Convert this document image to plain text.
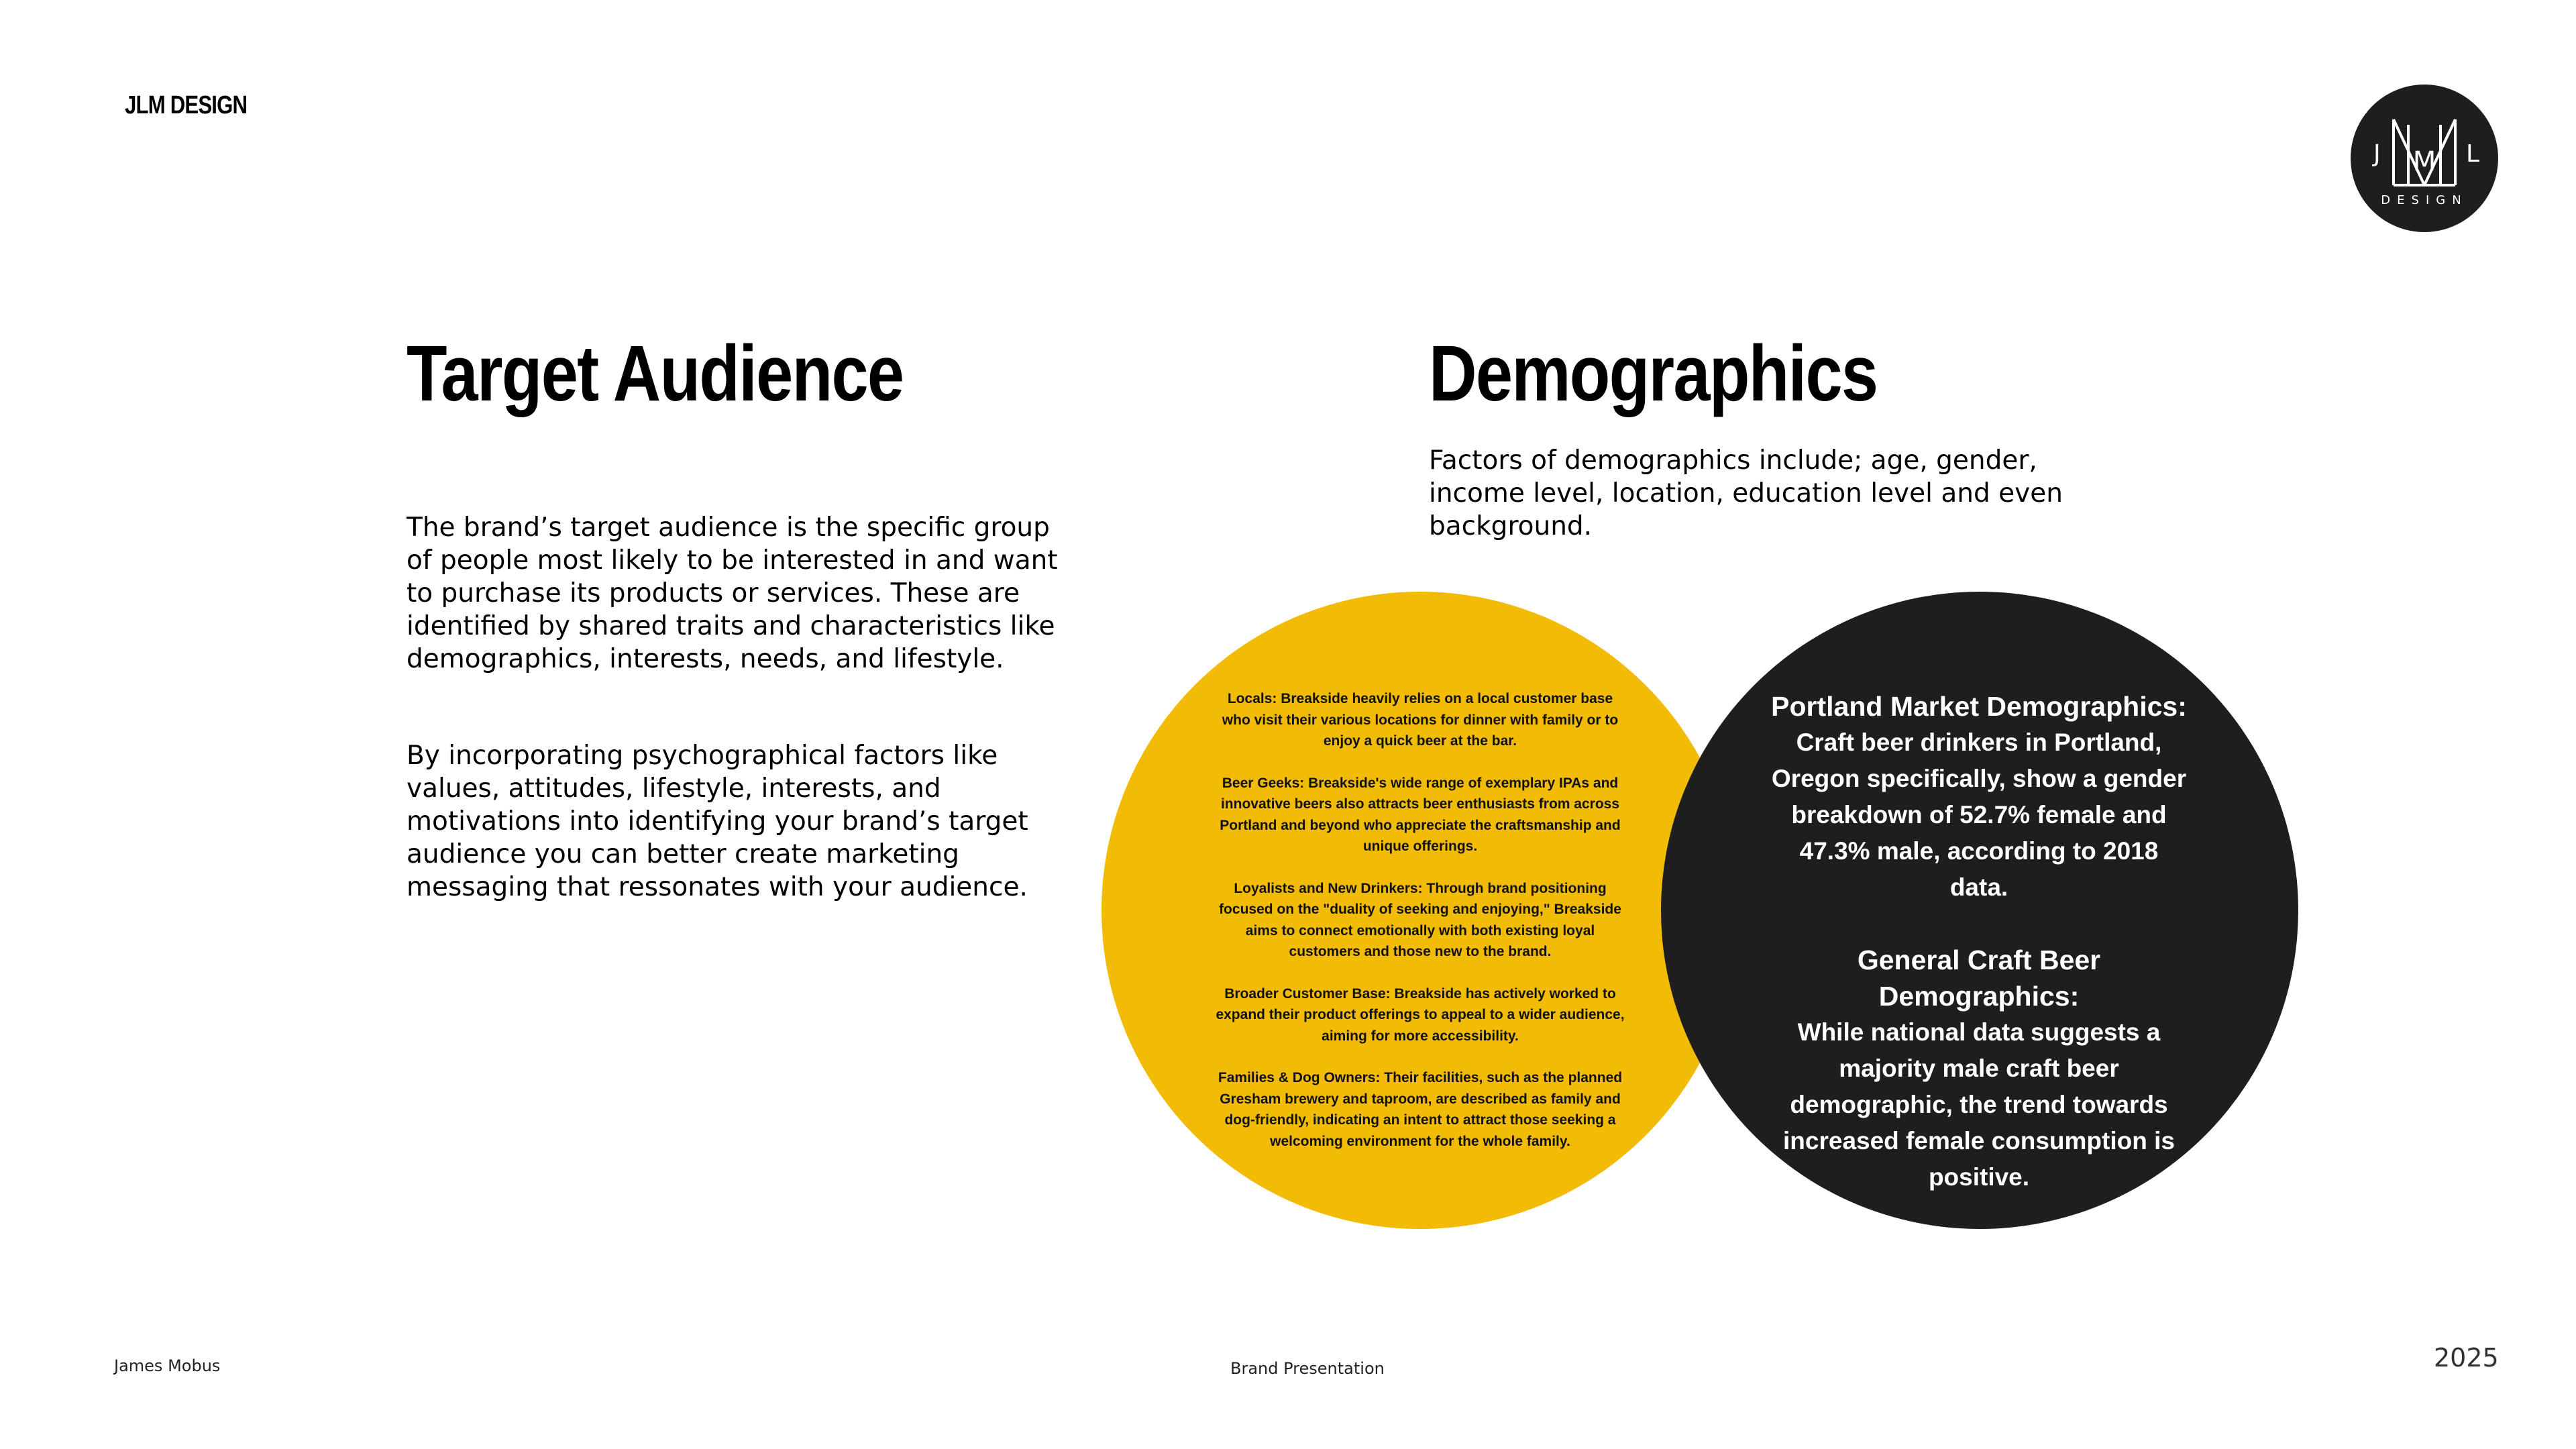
JLM DESIGN
J	L
M
DESIGN
Target Audience	Demographics
The brand’s target audience is the specific group of people most likely to be interested in and want to purchase its products or services. These are identified by shared traits and characteristics like demographics, interests, needs, and lifestyle.
By incorporating psychographical factors like values, attitudes, lifestyle, interests, and motivations into identifying your brand’s target audience you can better create marketing messaging that ressonates with your audience.
Factors of demographics include; age, gender, income level, location, education level and even background.

Locals: Breakside heavily relies on a local customer base who visit their various locations for dinner with family or to enjoy a quick beer at the bar.

Beer Geeks: Breakside's wide range of exemplary IPAs and innovative beers also attracts beer enthusiasts from across Portland and beyond who appreciate the craftsmanship and unique offerings.

Loyalists and New Drinkers: Through brand positioning focused on the "duality of seeking and enjoying," Breakside aims to connect emotionally with both existing loyal customers and those new to the brand.

Broader Customer Base: Breakside has actively worked to expand their product offerings to appeal to a wider audience, aiming for more accessibility.

Families & Dog Owners: Their facilities, such as the planned Gresham brewery and taproom, are described as family and dog-friendly, indicating an intent to attract those seeking a welcoming environment for the whole family.

Portland Market Demographics:
Craft beer drinkers in Portland, Oregon specifically, show a gender breakdown of 52.7% female and 47.3% male, according to 2018 data.
General Craft Beer Demographics:
While national data suggests a majority male craft beer demographic, the trend towards increased female consumption is positive.
James Mobus	Brand Presentation	2025
